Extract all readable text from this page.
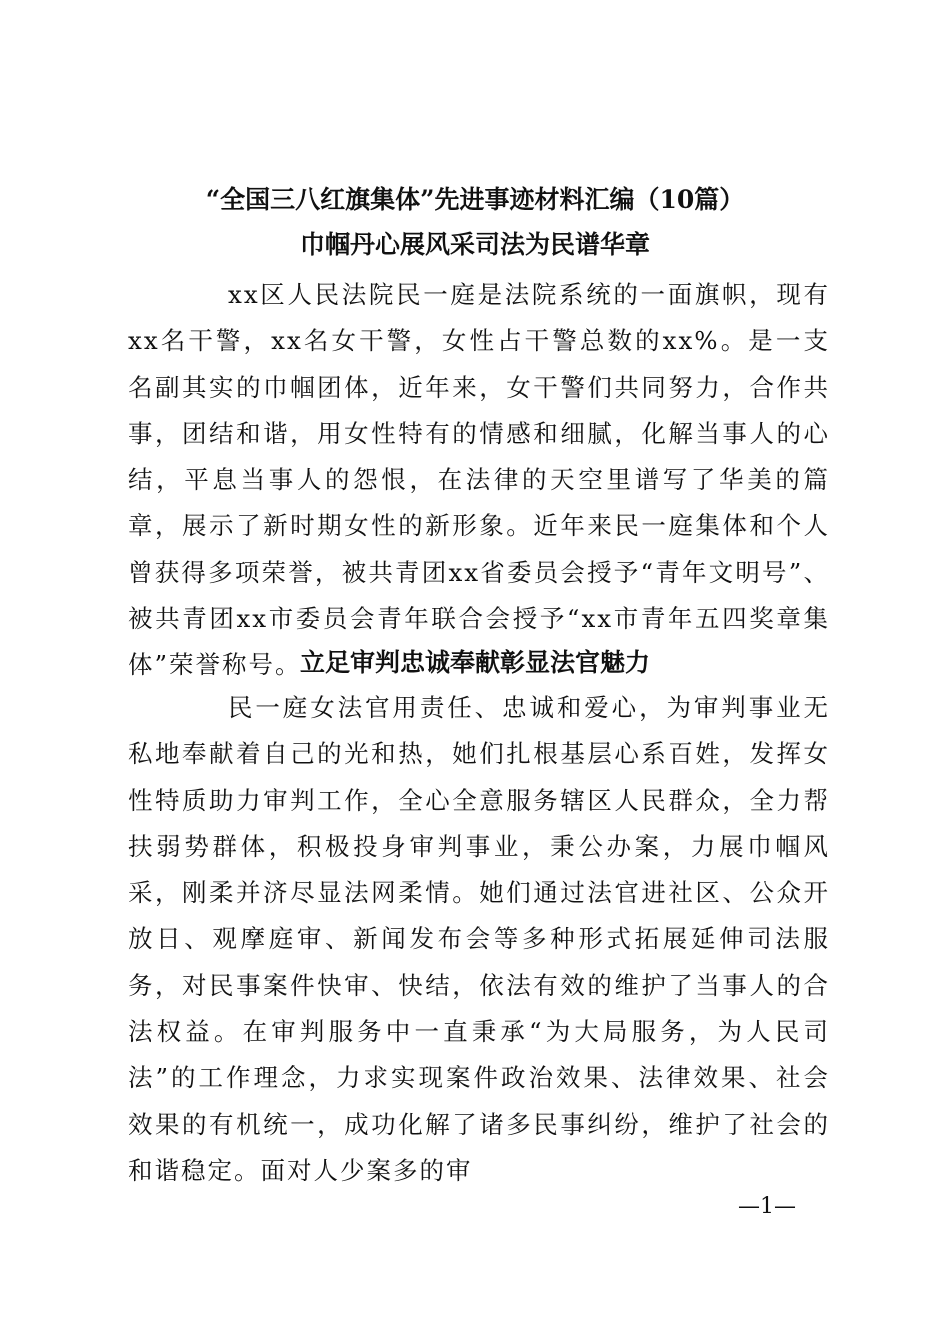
“全国三八红旗集体”先进事迹材料汇编（10篇）
巾帼丹心展风采司法为民谱华章

xx区人民法院民一庭是法院系统的一面旗帜，现有xx名干警，xx名女干警，女性占干警总数的xx%。是一支名副其实的巾帼团体，近年来，女干警们共同努力，合作共事，团结和谐，用女性特有的情感和细腻，化解当事人的心结，平息当事人的怨恨，在法律的天空里谱写了华美的篇章，展示了新时期女性的新形象。近年来民一庭集体和个人曾获得多项荣誉，被共青团xx省委员会授予“青年文明号”、被共青团xx市委员会青年联合会授予“xx市青年五四奖章集体”荣誉称号。

立足审判忠诚奉献彰显法官魅力

民一庭女法官用责任、忠诚和爱心，为审判事业无私地奉献着自己的光和热，她们扎根基层心系百姓，发挥女性特质助力审判工作，全心全意服务辖区人民群众，全力帮扶弱势群体，积极投身审判事业，秉公办案，力展巾帼风采，刚柔并济尽显法网柔情。她们通过法官进社区、公众开放日、观摩庭审、新闻发布会等多种形式拓展延伸司法服务，对民事案件快审、快结，依法有效的维护了当事人的合法权益。在审判服务中一直秉承“为大局服务，为人民司法”的工作理念，力求实现案件政治效果、法律效果、社会效果的有机统一，成功化解了诸多民事纠纷，维护了社会的和谐稳定。面对人少案多的审

—1—
